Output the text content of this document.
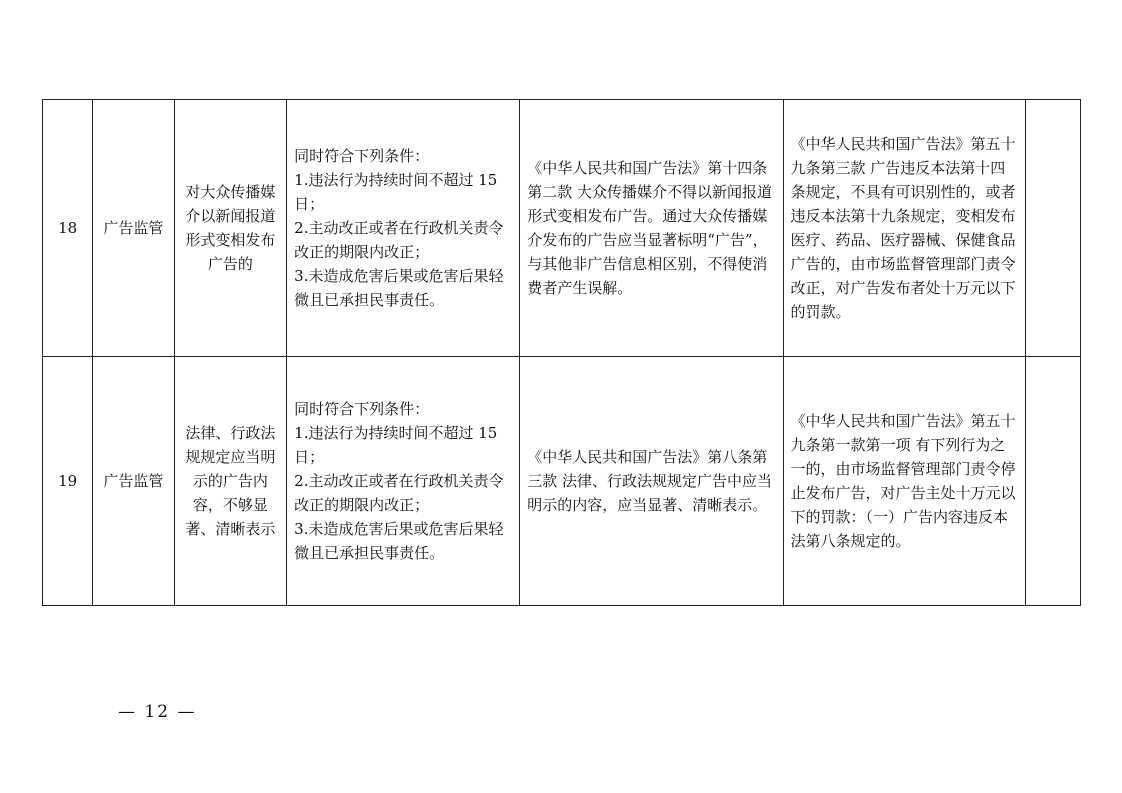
18	广告监管	对大众传播媒介以新闻报道形式变相发布广告的	同时符合下列条件：
1.违法行为持续时间不超过 15 日；
2.主动改正或者在行政机关责令改正的期限内改正；
3.未造成危害后果或危害后果轻微且已承担民事责任。	《中华人民共和国广告法》第十四条第二款 大众传播媒介不得以新闻报道形式变相发布广告。通过大众传播媒介发布的广告应当显著标明“广告”，与其他非广告信息相区别，不得使消费者产生误解。	《中华人民共和国广告法》第五十九条第三款 广告违反本法第十四条规定，不具有可识别性的，或者违反本法第十九条规定，变相发布医疗、药品、医疗器械、保健食品广告的，由市场监督管理部门责令改正，对广告发布者处十万元以下的罚款。	

19	广告监管	法律、行政法规规定应当明示的广告内容，不够显著、清晰表示	同时符合下列条件：
1.违法行为持续时间不超过 15 日；
2.主动改正或者在行政机关责令改正的期限内改正；
3.未造成危害后果或危害后果轻微且已承担民事责任。	《中华人民共和国广告法》第八条第三款 法律、行政法规规定广告中应当明示的内容，应当显著、清晰表示。	《中华人民共和国广告法》第五十九条第一款第一项 有下列行为之一的，由市场监督管理部门责令停止发布广告，对广告主处十万元以下的罚款：（一）广告内容违反本法第八条规定的。	

— 12 —
